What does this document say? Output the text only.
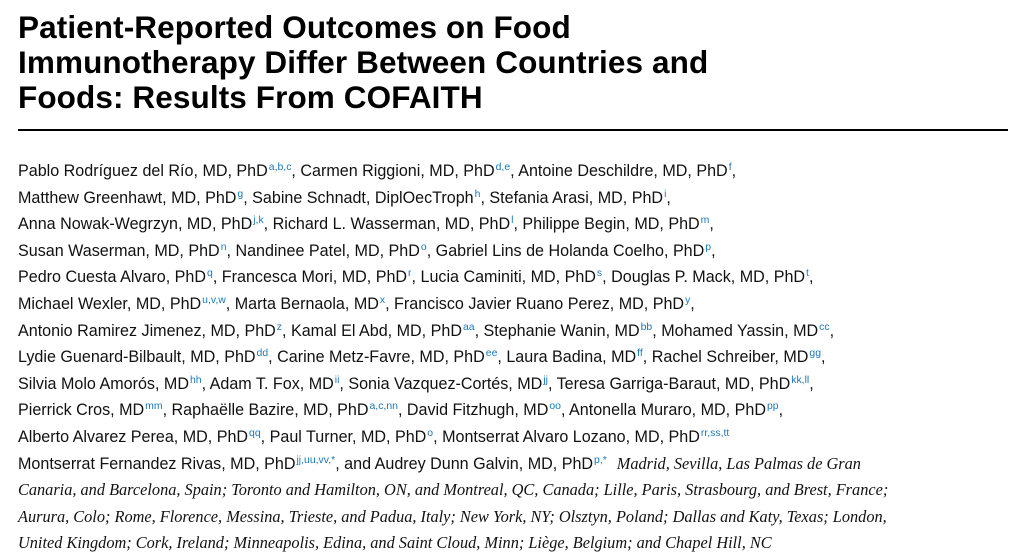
Patient-Reported Outcomes on Food
Immunotherapy Differ Between Countries and
Foods: Results From COFAITH
Pablo Rodríguez del Río, MD, PhD$^{a,b,c}$, Carmen Riggioni, MD, PhD$^{d,e}$, Antoine Deschildre, MD, PhD$^f$,
Matthew Greenhawt, MD, PhD$^g$, Sabine Schnadt, DiplOecTroph$^h$, Stefania Arasi, MD, PhD$^i$,
Anna Nowak-Wegrzyn, MD, PhD$^{j,k}$, Richard L. Wasserman, MD, PhD$^l$, Philippe Begin, MD, PhD$^m$,
Susan Waserman, MD, PhD$^n$, Nandinee Patel, MD, PhD$^o$, Gabriel Lins de Holanda Coelho, PhD$^p$,
Pedro Cuesta Alvaro, PhD$^q$, Francesca Mori, MD, PhD$^r$, Lucia Caminiti, MD, PhD$^s$, Douglas P. Mack, MD, PhD$^t$,
Michael Wexler, MD, PhD$^{u,v,w}$, Marta Bernaola, MD$^x$, Francisco Javier Ruano Perez, MD, PhD$^y$,
Antonio Ramirez Jimenez, MD, PhD$^z$, Kamal El Abd, MD, PhD$^{aa}$, Stephanie Wanin, MD$^{bb}$, Mohamed Yassin, MD$^{cc}$,
Lydie Guenard-Bilbault, MD, PhD$^{dd}$, Carine Metz-Favre, MD, PhD$^{ee}$, Laura Badina, MD$^{ff}$, Rachel Schreiber, MD$^{gg}$,
Silvia Molo Amorós, MD$^{hh}$, Adam T. Fox, MD$^{ii}$, Sonia Vazquez-Cortés, MD$^{jj}$, Teresa Garriga-Baraut, MD, PhD$^{kk,ll}$,
Pierrick Cros, MD$^{mm}$, Raphaëlle Bazire, MD, PhD$^{a,c,nn}$, David Fitzhugh, MD$^{oo}$, Antonella Muraro, MD, PhD$^{pp}$,
Alberto Alvarez Perea, MD, PhD$^{qq}$, Paul Turner, MD, PhD$^o$, Montserrat Alvaro Lozano, MD, PhD$^{rr,ss,tt}$
Montserrat Fernandez Rivas, MD, PhD$^{jj,uu,vv,*}$, and Audrey Dunn Galvin, MD, PhD$^{p,*}$ Madrid, Sevilla, Las Palmas de Gran
Canaria, and Barcelona, Spain; Toronto and Hamilton, ON, and Montreal, QC, Canada; Lille, Paris, Strasbourg, and Brest, France;
Aurura, Colo; Rome, Florence, Messina, Trieste, and Padua, Italy; New York, NY; Olsztyn, Poland; Dallas and Katy, Texas; London,
United Kingdom; Cork, Ireland; Minneapolis, Edina, and Saint Cloud, Minn; Liège, Belgium; and Chapel Hill, NC
